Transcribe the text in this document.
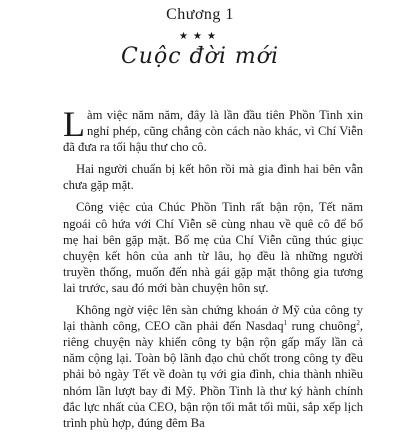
Chương 1
★★★
Cuộc đời mới

Làm việc năm năm, đây là lần đầu tiên Phồn Tinh xin nghỉ phép, cũng chẳng còn cách nào khác, vì Chí Viễn đã đưa ra tối hậu thư cho cô.

Hai người chuẩn bị kết hôn rồi mà gia đình hai bên vẫn chưa gặp mặt.

Công việc của Chúc Phồn Tinh rất bận rộn, Tết năm ngoái cô hứa với Chí Viễn sẽ cùng nhau về quê cô để bố mẹ hai bên gặp mặt. Bố mẹ của Chí Viễn cũng thúc giục chuyện kết hôn của anh từ lâu, họ đều là những người truyền thống, muốn đến nhà gái gặp mặt thông gia tương lai trước, sau đó mới bàn chuyện hôn sự.

Không ngờ việc lên sàn chứng khoán ở Mỹ của công ty lại thành công, CEO cần phải đến Nasdaq$^1$ rung chuông$^2$, riêng chuyện này khiến công ty bận rộn gấp mấy lần cả năm cộng lại. Toàn bộ lãnh đạo chủ chốt trong công ty đều phải bỏ ngày Tết về đoàn tụ với gia đình, chia thành nhiều nhóm lần lượt bay đi Mỹ. Phồn Tinh là thư ký hành chính đắc lực nhất của CEO, bận rộn tối mắt tối mũi, sắp xếp lịch trình phù hợp, đúng đêm Ba
